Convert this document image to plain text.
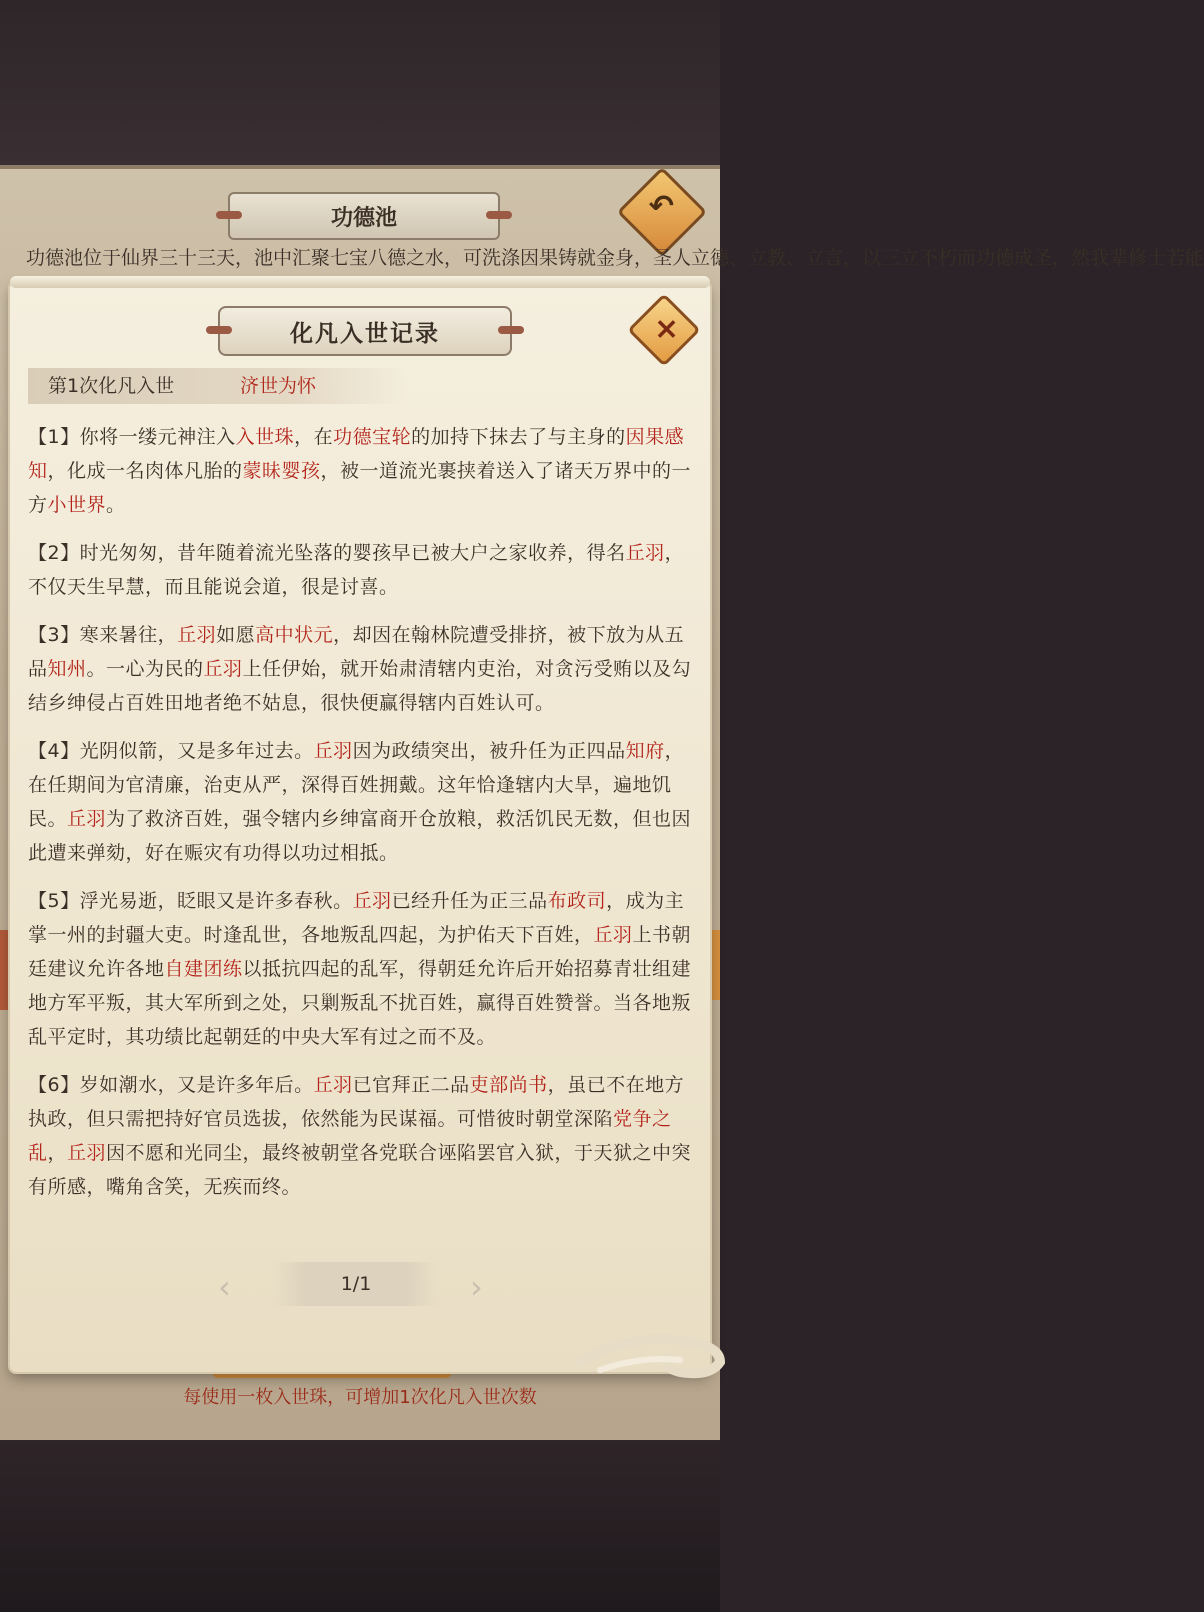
功德池	↶
功德池位于仙界三十三天，池中汇聚七宝八德之水，可洗涤因果铸就金身，圣人立德、立教、立言，以三立不朽而功德成圣，然我辈修士若能
每使用一枚入世珠，可增加1次化凡入世次数
化凡入世记录	×
第1次化凡入世	济世为怀

【1】你将一缕元神注入入世珠，在功德宝轮的加持下抹去了与主身的因果感知，化成一名肉体凡胎的蒙昧婴孩，被一道流光裹挟着送入了诸天万界中的一方小世界。

【2】时光匆匆，昔年随着流光坠落的婴孩早已被大户之家收养，得名丘羽，不仅天生早慧，而且能说会道，很是讨喜。

【3】寒来暑往，丘羽如愿高中状元，却因在翰林院遭受排挤，被下放为从五品知州。一心为民的丘羽上任伊始，就开始肃清辖内吏治，对贪污受贿以及勾结乡绅侵占百姓田地者绝不姑息，很快便赢得辖内百姓认可。

【4】光阴似箭，又是多年过去。丘羽因为政绩突出，被升任为正四品知府，在任期间为官清廉，治吏从严，深得百姓拥戴。这年恰逢辖内大旱，遍地饥民。丘羽为了救济百姓，强令辖内乡绅富商开仓放粮，救活饥民无数，但也因此遭来弹劾，好在赈灾有功得以功过相抵。

【5】浮光易逝，眨眼又是许多春秋。丘羽已经升任为正三品布政司，成为主掌一州的封疆大吏。时逢乱世，各地叛乱四起，为护佑天下百姓，丘羽上书朝廷建议允许各地自建团练以抵抗四起的乱军，得朝廷允许后开始招募青壮组建地方军平叛，其大军所到之处，只剿叛乱不扰百姓，赢得百姓赞誉。当各地叛乱平定时，其功绩比起朝廷的中央大军有过之而不及。

【6】岁如潮水，又是许多年后。丘羽已官拜正二品吏部尚书，虽已不在地方执政，但只需把持好官员选拔，依然能为民谋福。可惜彼时朝堂深陷党争之乱，丘羽因不愿和光同尘，最终被朝堂各党联合诬陷罢官入狱，于天狱之中突有所感，嘴角含笑，无疾而终。

‹	1/1	›
